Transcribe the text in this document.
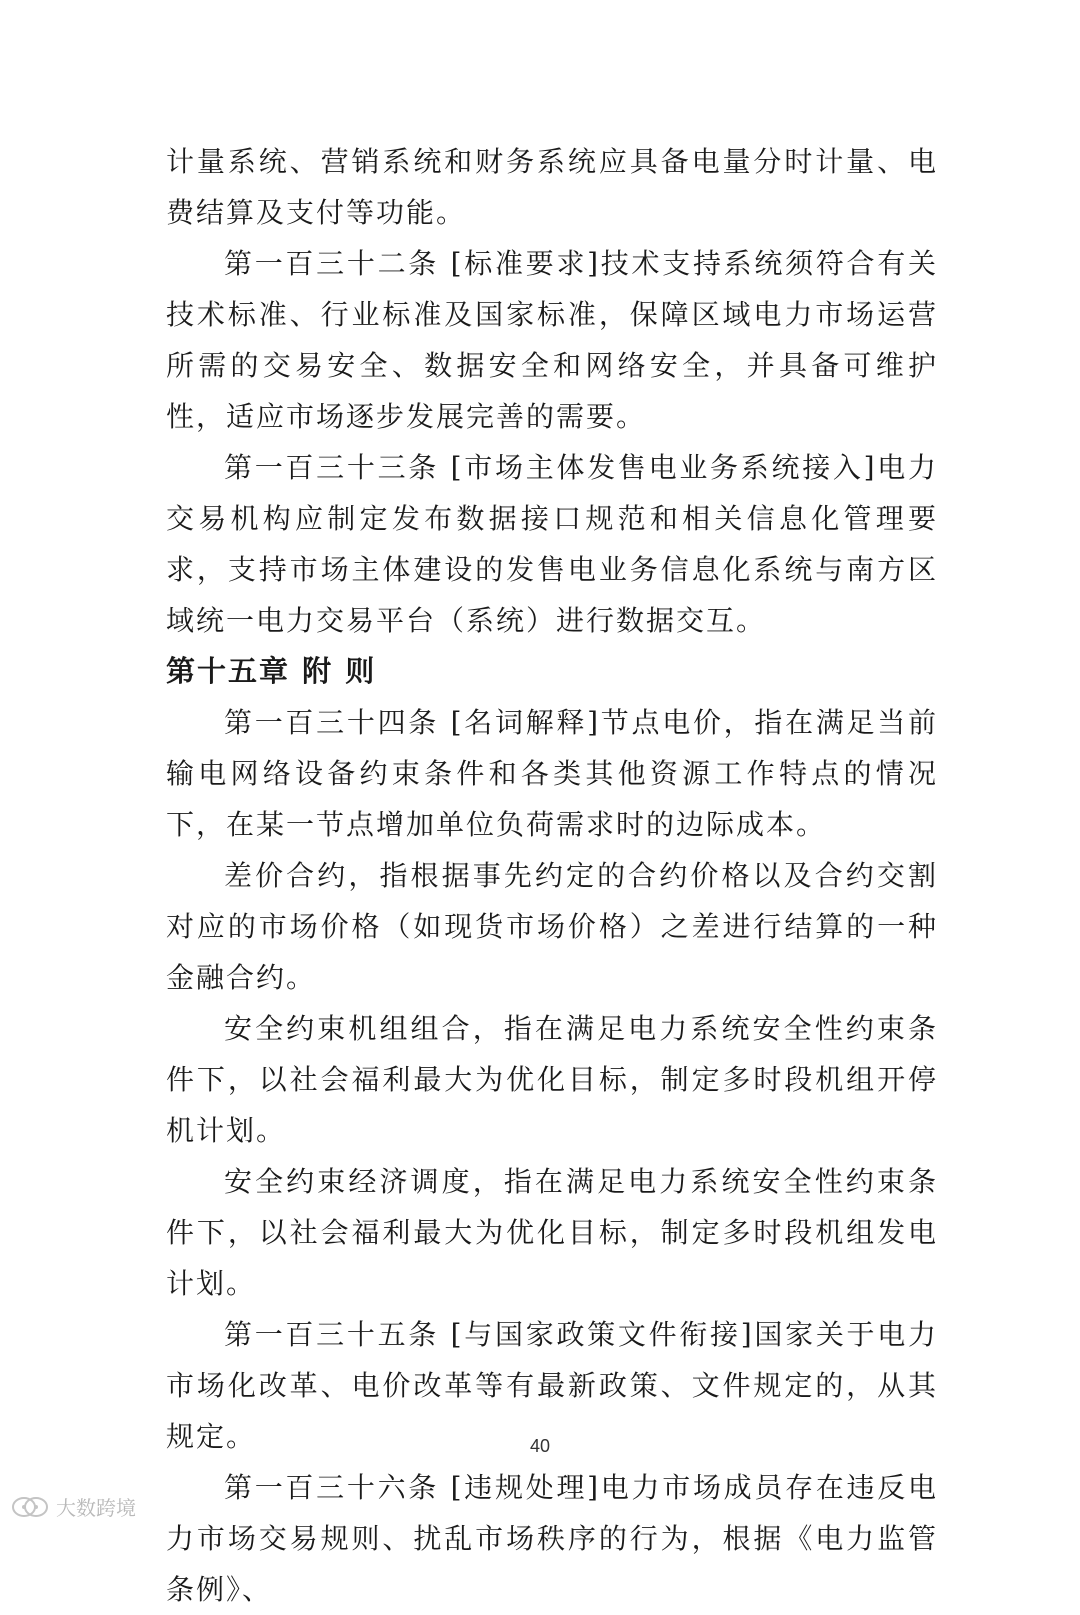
计量系统、营销系统和财务系统应具备电量分时计量、电费结算及支付等功能。

第一百三十二条 [标准要求]技术支持系统须符合有关技术标准、行业标准及国家标准，保障区域电力市场运营所需的交易安全、数据安全和网络安全，并具备可维护性，适应市场逐步发展完善的需要。

第一百三十三条 [市场主体发售电业务系统接入]电力交易机构应制定发布数据接口规范和相关信息化管理要求，支持市场主体建设的发售电业务信息化系统与南方区域统一电力交易平台（系统）进行数据交互。

第十五章 附 则

第一百三十四条 [名词解释]节点电价，指在满足当前输电网络设备约束条件和各类其他资源工作特点的情况下，在某一节点增加单位负荷需求时的边际成本。

差价合约，指根据事先约定的合约价格以及合约交割对应的市场价格（如现货市场价格）之差进行结算的一种金融合约。

安全约束机组组合，指在满足电力系统安全性约束条件下，以社会福利最大为优化目标，制定多时段机组开停机计划。

安全约束经济调度，指在满足电力系统安全性约束条件下，以社会福利最大为优化目标，制定多时段机组发电计划。

第一百三十五条 [与国家政策文件衔接]国家关于电力市场化改革、电价改革等有最新政策、文件规定的，从其规定。

第一百三十六条 [违规处理]电力市场成员存在违反电力市场交易规则、扰乱市场秩序的行为，根据《电力监管条例》、

40
大数跨境
